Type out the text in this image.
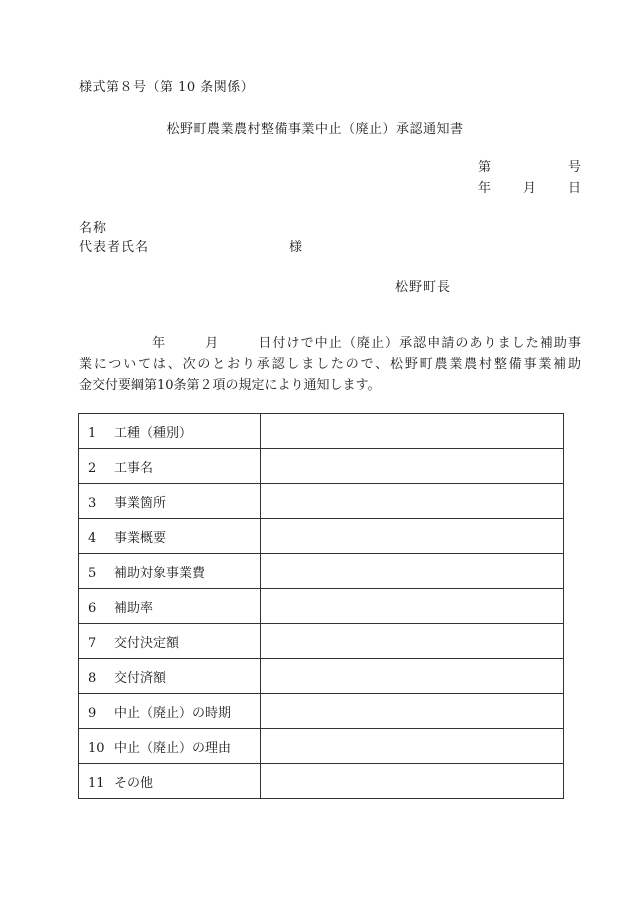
様式第８号（第 10 条関係）
松野町農業農村整備事業中止（廃止）承認通知書
第	号
年 月 日
名称
代表者氏名	様
松野町長
年	月	日付けで中止（廃止）承認申請のありました補助事
業については、次のとおり承認しましたので、松野町農業農村整備事業補助
金交付要綱第10条第２項の規定により通知します。
1 工種（種別）	
2 工事名	
3 事業箇所	
4 事業概要	
5 補助対象事業費	
6 補助率	
7 交付決定額	
8 交付済額	
9 中止（廃止）の時期	
10 中止（廃止）の理由	
11 その他	
